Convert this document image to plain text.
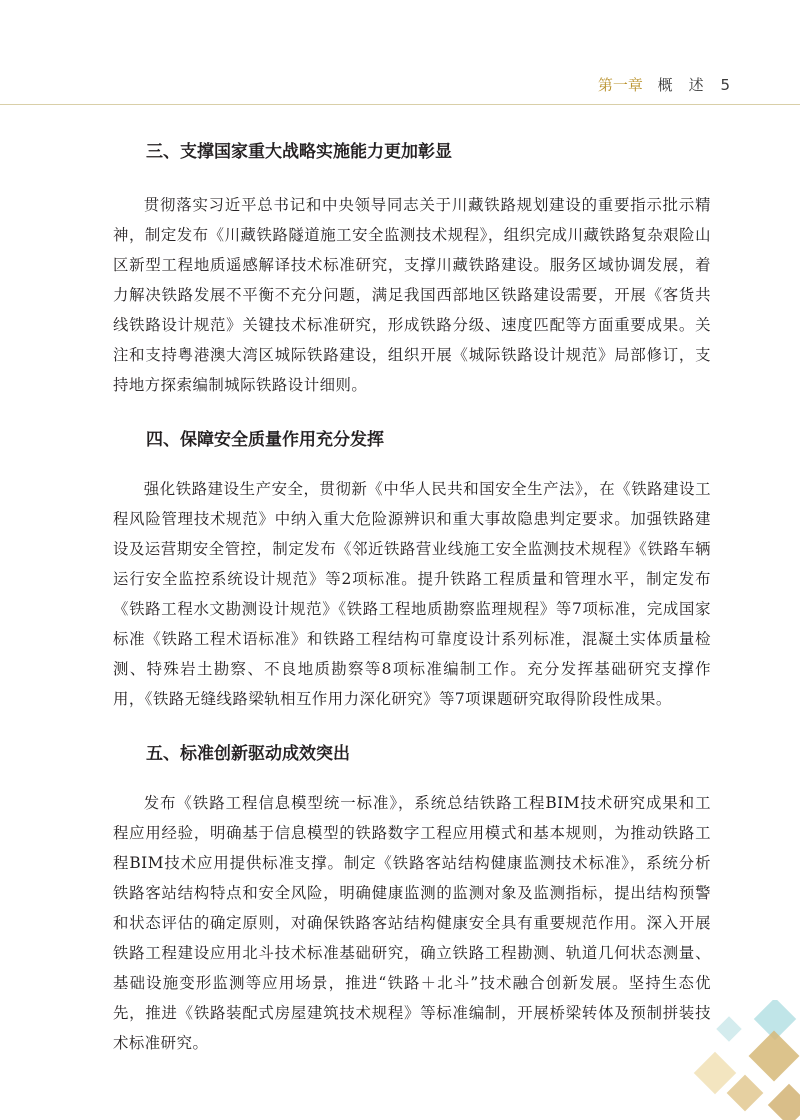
第一章 概述 5
三、支撑国家重大战略实施能力更加彰显

贯彻落实习近平总书记和中央领导同志关于川藏铁路规划建设的重要指示批示精神，制定发布《川藏铁路隧道施工安全监测技术规程》，组织完成川藏铁路复杂艰险山区新型工程地质遥感解译技术标准研究，支撑川藏铁路建设。服务区域协调发展，着力解决铁路发展不平衡不充分问题，满足我国西部地区铁路建设需要，开展《客货共线铁路设计规范》关键技术标准研究，形成铁路分级、速度匹配等方面重要成果。关注和支持粤港澳大湾区城际铁路建设，组织开展《城际铁路设计规范》局部修订，支持地方探索编制城际铁路设计细则。

四、保障安全质量作用充分发挥

强化铁路建设生产安全，贯彻新《中华人民共和国安全生产法》，在《铁路建设工程风险管理技术规范》中纳入重大危险源辨识和重大事故隐患判定要求。加强铁路建设及运营期安全管控，制定发布《邻近铁路营业线施工安全监测技术规程》《铁路车辆运行安全监控系统设计规范》等2项标准。提升铁路工程质量和管理水平，制定发布《铁路工程水文勘测设计规范》《铁路工程地质勘察监理规程》等7项标准，完成国家标准《铁路工程术语标准》和铁路工程结构可靠度设计系列标准，混凝土实体质量检测、特殊岩土勘察、不良地质勘察等8项标准编制工作。充分发挥基础研究支撑作用，《铁路无缝线路梁轨相互作用力深化研究》等7项课题研究取得阶段性成果。

五、标准创新驱动成效突出

发布《铁路工程信息模型统一标准》，系统总结铁路工程BIM技术研究成果和工程应用经验，明确基于信息模型的铁路数字工程应用模式和基本规则，为推动铁路工程BIM技术应用提供标准支撑。制定《铁路客站结构健康监测技术标准》，系统分析铁路客站结构特点和安全风险，明确健康监测的监测对象及监测指标，提出结构预警和状态评估的确定原则，对确保铁路客站结构健康安全具有重要规范作用。深入开展铁路工程建设应用北斗技术标准基础研究，确立铁路工程勘测、轨道几何状态测量、基础设施变形监测等应用场景，推进“铁路＋北斗”技术融合创新发展。坚持生态优先，推进《铁路装配式房屋建筑技术规程》等标准编制，开展桥梁转体及预制拼装技术标准研究。
